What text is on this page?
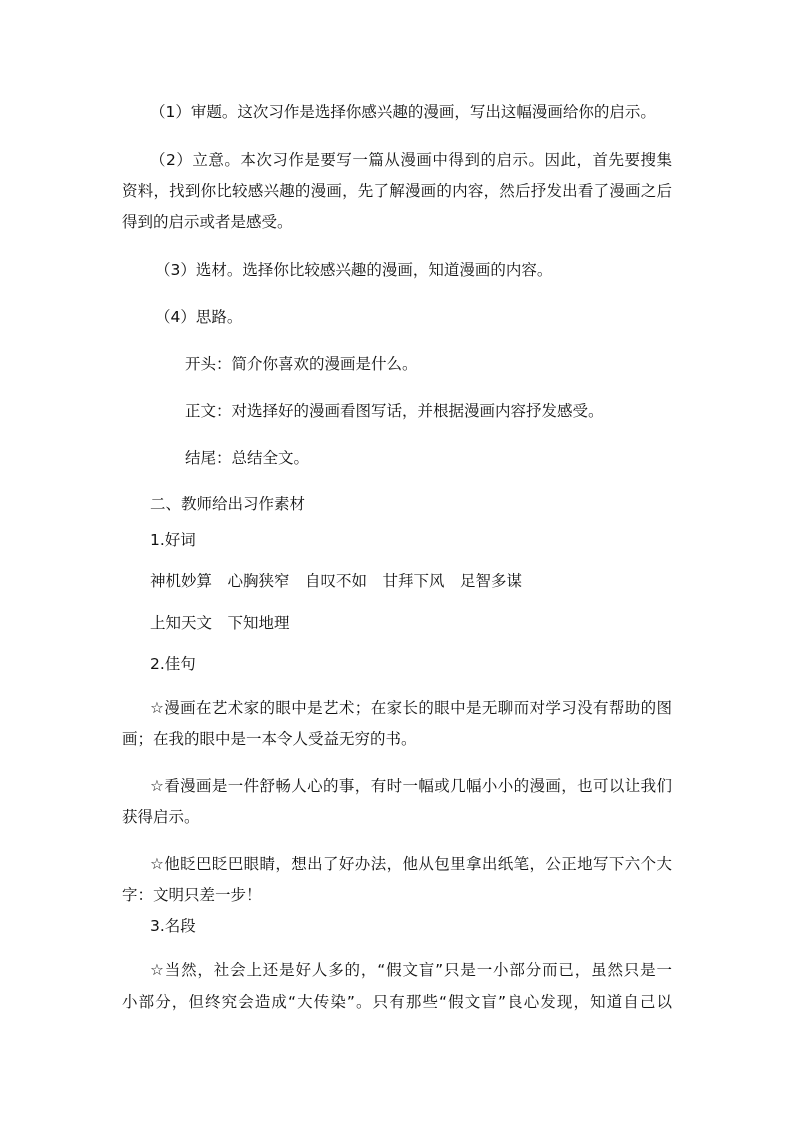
（1）审题。这次习作是选择你感兴趣的漫画，写出这幅漫画给你的启示。
（2）立意。本次习作是要写一篇从漫画中得到的启示。因此，首先要搜集
资料，找到你比较感兴趣的漫画，先了解漫画的内容，然后抒发出看了漫画之后
得到的启示或者是感受。
（3）选材。选择你比较感兴趣的漫画，知道漫画的内容。
（4）思路。
开头：简介你喜欢的漫画是什么。
正文：对选择好的漫画看图写话，并根据漫画内容抒发感受。
结尾：总结全文。
二、教师给出习作素材
1.好词
神机妙算　心胸狭窄　自叹不如　甘拜下风　足智多谋
上知天文　下知地理
2.佳句
☆漫画在艺术家的眼中是艺术；在家长的眼中是无聊而对学习没有帮助的图
画；在我的眼中是一本令人受益无穷的书。
☆看漫画是一件舒畅人心的事，有时一幅或几幅小小的漫画，也可以让我们
获得启示。
☆他眨巴眨巴眼睛，想出了好办法，他从包里拿出纸笔，公正地写下六个大
字：文明只差一步！
3.名段
☆当然，社会上还是好人多的，“假文盲”只是一小部分而已，虽然只是一
小部分，但终究会造成“大传染”。只有那些“假文盲”良心发现，知道自己以
